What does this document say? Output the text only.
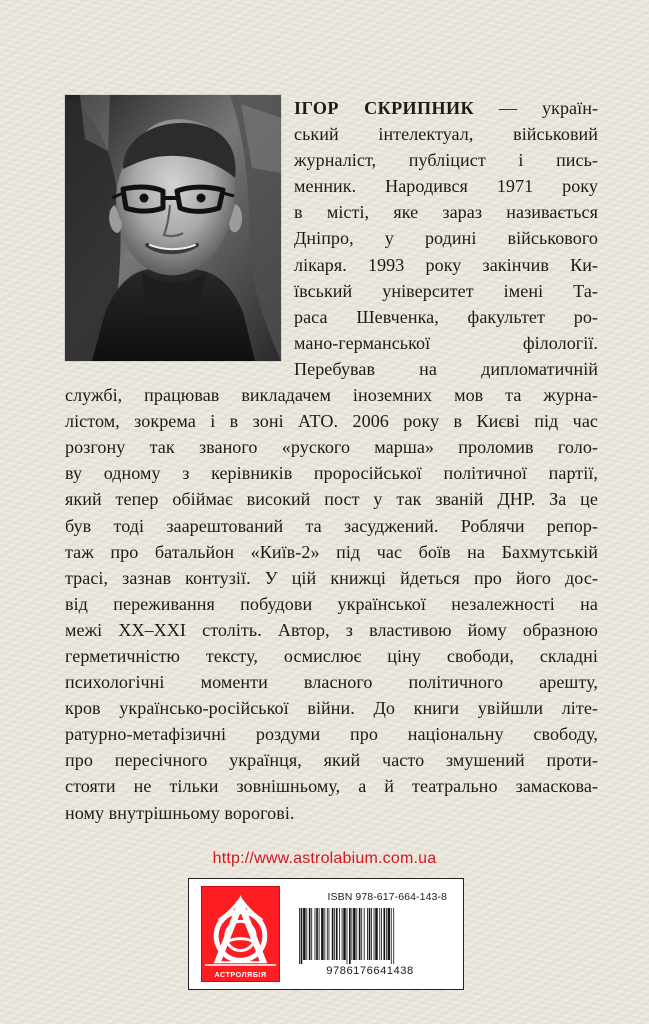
ІГОР СКРИПНИК — україн-
ський інтелектуал, військовий
журналіст, публіцист і пись-
менник. Народився 1971 року
в місті, яке зараз називається
Дніпро, у родині військового
лікаря. 1993 року закінчив Ки-
ївський університет імені Та-
раса Шевченка, факультет ро-
мано-германської філології.
Перебував на дипломатичній
службі, працював викладачем іноземних мов та журна-
лістом, зокрема і в зоні АТО. 2006 року в Києві під час
розгону так званого «руского марша» проломив голо-
ву одному з керівників проросійської політичної партії,
який тепер обіймає високий пост у так званій ДНР. За це
був тоді заарештований та засуджений. Роблячи репор-
таж про батальйон «Київ-2» під час боїв на Бахмутській
трасі, зазнав контузії. У цій книжці йдеться про його дос-
від переживання побудови української незалежності на
межі ХХ–ХХІ століть. Автор, з властивою йому образною
герметичністю тексту, осмислює ціну свободи, складні
психологічні моменти власного політичного арешту,
кров українсько-російської війни. До книги увійшли літе-
ратурно-метафізичні роздуми про національну свободу,
про пересічного українця, який часто змушений проти-
стояти не тільки зовнішньому, а й театрально замаскова-
ному внутрішньому ворогові.
http://www.astrolabium.com.ua
АСТРОЛЯБІЯ
ISBN 978-617-664-143-8
9786176641438
